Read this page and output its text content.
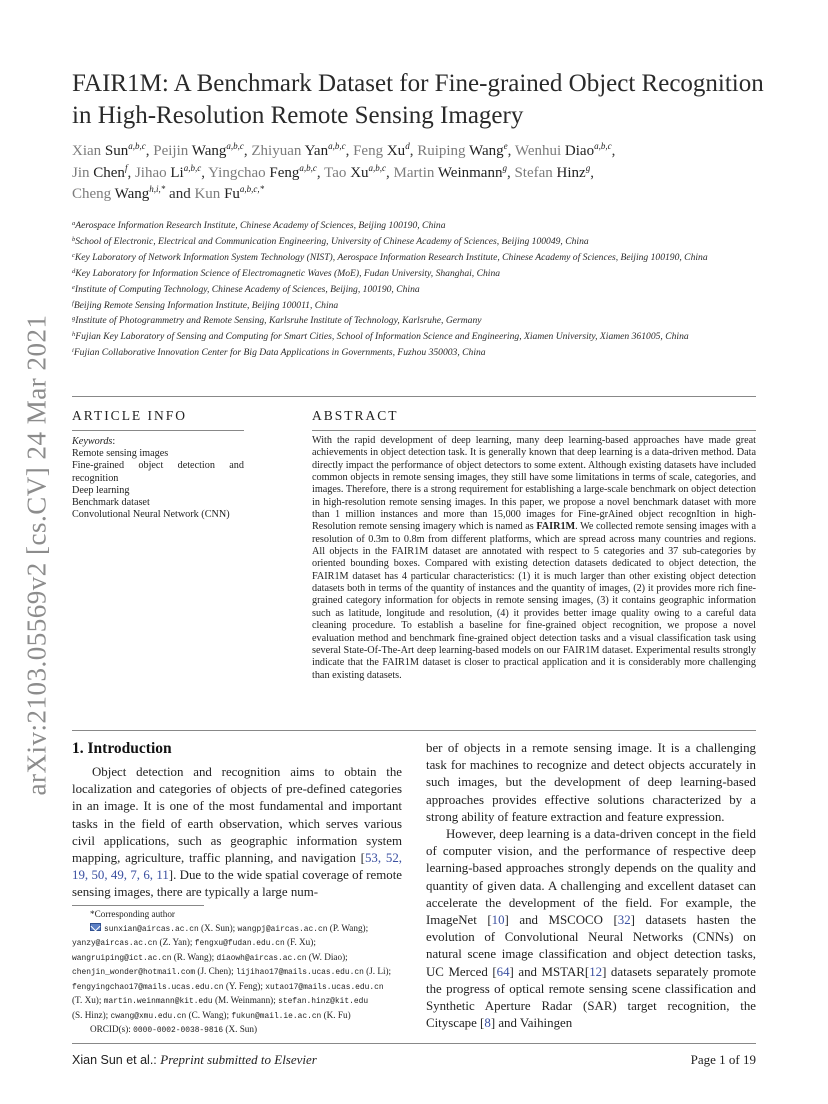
arXiv:2103.05569v2 [cs.CV] 24 Mar 2021
FAIR1M: A Benchmark Dataset for Fine-grained Object Recognition
in High-Resolution Remote Sensing Imagery
Xian Sun$^{a,b,c}$, Peijin Wang$^{a,b,c}$, Zhiyuan Yan$^{a,b,c}$, Feng Xu$^d$, Ruiping Wang$^e$, Wenhui Diao$^{a,b,c}$,
Jin Chen$^f$, Jihao Li$^{a,b,c}$, Yingchao Feng$^{a,b,c}$, Tao Xu$^{a,b,c}$, Martin Weinmann$^g$, Stefan Hinz$^g$,
Cheng Wang$^{h,i,*}$ and Kun $Fu^{a,b,c,*}$
$^a$Aerospace Information Research Institute, Chinese Academy of Sciences, Beijing 100190, China
$^b$School of Electronic, Electrical and Communication Engineering, University of Chinese Academy of Sciences, Beijing 100049, China
$^c$Key Laboratory of Network Information System Technology (NIST), Aerospace Information Research Institute, Chinese Academy of Sciences, Beijing 100190, China
$^d$Key Laboratory for Information Science of Electromagnetic Waves (MoE), Fudan University, Shanghai, China
$^e$Institute of Computing Technology, Chinese Academy of Sciences, Beijing, 100190, China
$^f$Beijing Remote Sensing Information Institute, Beijing 100011, China
$^g$Institute of Photogrammetry and Remote Sensing, Karlsruhe Institute of Technology, Karlsruhe, Germany
$^h$Fujian Key Laboratory of Sensing and Computing for Smart Cities, School of Information Science and Engineering, Xiamen University, Xiamen 361005, China
$^i$Fujian Collaborative Innovation Center for Big Data Applications in Governments, Fuzhou 350003, China
ARTICLE INFO	ABSTRACT
Keywords:
Remote sensing images
Fine-grained object detection and
recognition
Deep learning
Benchmark dataset
Convolutional Neural Network (CNN)
With the rapid development of deep learning, many deep learning-based approaches have made great achievements in object detection task. It is generally known that deep learning is a data-driven method. Data directly impact the performance of object detectors to some extent. Although existing datasets have included common objects in remote sensing images, they still have some limitations in terms of scale, categories, and images. Therefore, there is a strong requirement for establishing a large-scale benchmark on object detection in high-resolution remote sensing images. In this paper, we propose a novel benchmark dataset with more than 1 million instances and more than 15,000 images for Fine-grAined object recognItion in high-Resolution remote sensing imagery which is named as FAIR1M. We collected remote sensing images with a resolution of 0.3m to 0.8m from different platforms, which are spread across many countries and regions. All objects in the FAIR1M dataset are annotated with respect to 5 categories and 37 sub-categories by oriented bounding boxes. Compared with existing detection datasets dedicated to object detection, the FAIR1M dataset has 4 particular characteristics: (1) it is much larger than other existing object detection datasets both in terms of the quantity of instances and the quantity of images, (2) it provides more rich fine-grained category information for objects in remote sensing images, (3) it contains geographic information such as latitude, longitude and resolution, (4) it provides better image quality owing to a careful data cleaning procedure. To establish a baseline for fine-grained object recognition, we propose a novel evaluation method and benchmark fine-grained object detection tasks and a visual classification task using several State-Of-The-Art deep learning-based models on our FAIR1M dataset. Experimental results strongly indicate that the FAIR1M dataset is closer to practical application and it is considerably more challenging than existing datasets.
1. Introduction
Object detection and recognition aims to obtain the localization and categories of objects of pre-defined categories in an image. It is one of the most fundamental and important tasks in the field of earth observation, which serves various civil applications, such as geographic information system mapping, agriculture, traffic planning, and navigation [53, 52, 19, 50, 49, 7, 6, 11]. Due to the wide spatial coverage of remote sensing images, there are typically a large num-
*Corresponding author
sunxian@aircas.ac.cn (X. Sun); wangpj@aircas.ac.cn (P. Wang);
yanzy@aircas.ac.cn (Z. Yan); fengxu@fudan.edu.cn (F. Xu);
wangruiping@ict.ac.cn (R. Wang); diaowh@aircas.ac.cn (W. Diao);
chenjin_wonder@hotmail.com (J. Chen); lijihao17@mails.ucas.edu.cn (J. Li);
fengyingchao17@mails.ucas.edu.cn (Y. Feng); xutao17@mails.ucas.edu.cn
(T. Xu); martin.weinmann@kit.edu (M. Weinmann); stefan.hinz@kit.edu
(S. Hinz); cwang@xmu.edu.cn (C. Wang); fukun@mail.ie.ac.cn (K. Fu)
ORCID(s): 0000-0002-0038-9816 (X. Sun)
ber of objects in a remote sensing image. It is a challenging task for machines to recognize and detect objects accurately in such images, but the development of deep learning-based approaches provides effective solutions characterized by a strong ability of feature extraction and feature expression.
However, deep learning is a data-driven concept in the field of computer vision, and the performance of respective deep learning-based approaches strongly depends on the quality and quantity of given data. A challenging and excellent dataset can accelerate the development of the field. For example, the ImageNet [10] and MSCOCO [32] datasets hasten the evolution of Convolutional Neural Networks (CNNs) on natural scene image classification and object detection tasks, UC Merced [64] and MSTAR[12] datasets separately promote the progress of optical remote sensing scene classification and Synthetic Aperture Radar (SAR) target recognition, the Cityscape [8] and Vaihingen
Xian Sun et al.: Preprint submitted to Elsevier	Page 1 of 19
